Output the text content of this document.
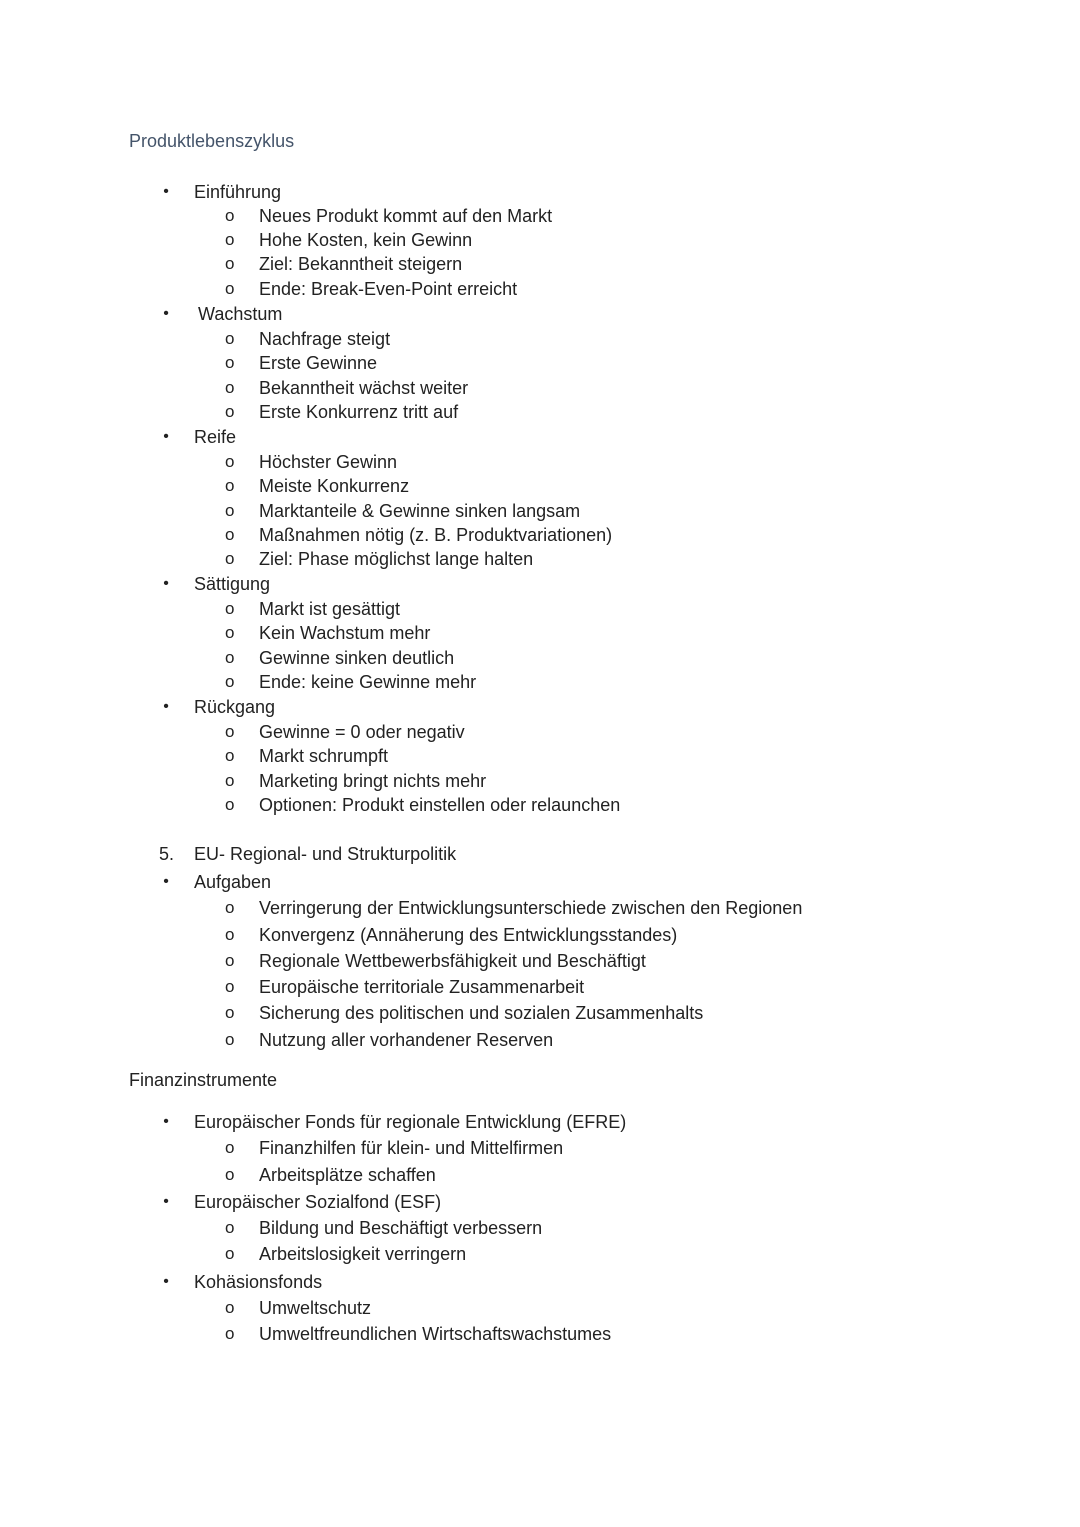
Produktlebenszyklus
• Einführung
o Neues Produkt kommt auf den Markt
o Hohe Kosten, kein Gewinn
o Ziel: Bekanntheit steigern
o Ende: Break-Even-Point erreicht
• Wachstum
o Nachfrage steigt
o Erste Gewinne
o Bekanntheit wächst weiter
o Erste Konkurrenz tritt auf
• Reife
o Höchster Gewinn
o Meiste Konkurrenz
o Marktanteile & Gewinne sinken langsam
o Maßnahmen nötig (z. B. Produktvariationen)
o Ziel: Phase möglichst lange halten
• Sättigung
o Markt ist gesättigt
o Kein Wachstum mehr
o Gewinne sinken deutlich
o Ende: keine Gewinne mehr
• Rückgang
o Gewinne = 0 oder negativ
o Markt schrumpft
o Marketing bringt nichts mehr
o Optionen: Produkt einstellen oder relaunchen
5. EU- Regional- und Strukturpolitik
• Aufgaben
o Verringerung der Entwicklungsunterschiede zwischen den Regionen
o Konvergenz (Annäherung des Entwicklungsstandes)
o Regionale Wettbewerbsfähigkeit und Beschäftigt
o Europäische territoriale Zusammenarbeit
o Sicherung des politischen und sozialen Zusammenhalts
o Nutzung aller vorhandener Reserven
Finanzinstrumente
• Europäischer Fonds für regionale Entwicklung (EFRE)
o Finanzhilfen für klein- und Mittelfirmen
o Arbeitsplätze schaffen
• Europäischer Sozialfond (ESF)
o Bildung und Beschäftigt verbessern
o Arbeitslosigkeit verringern
• Kohäsionsfonds
o Umweltschutz
o Umweltfreundlichen Wirtschaftswachstumes
